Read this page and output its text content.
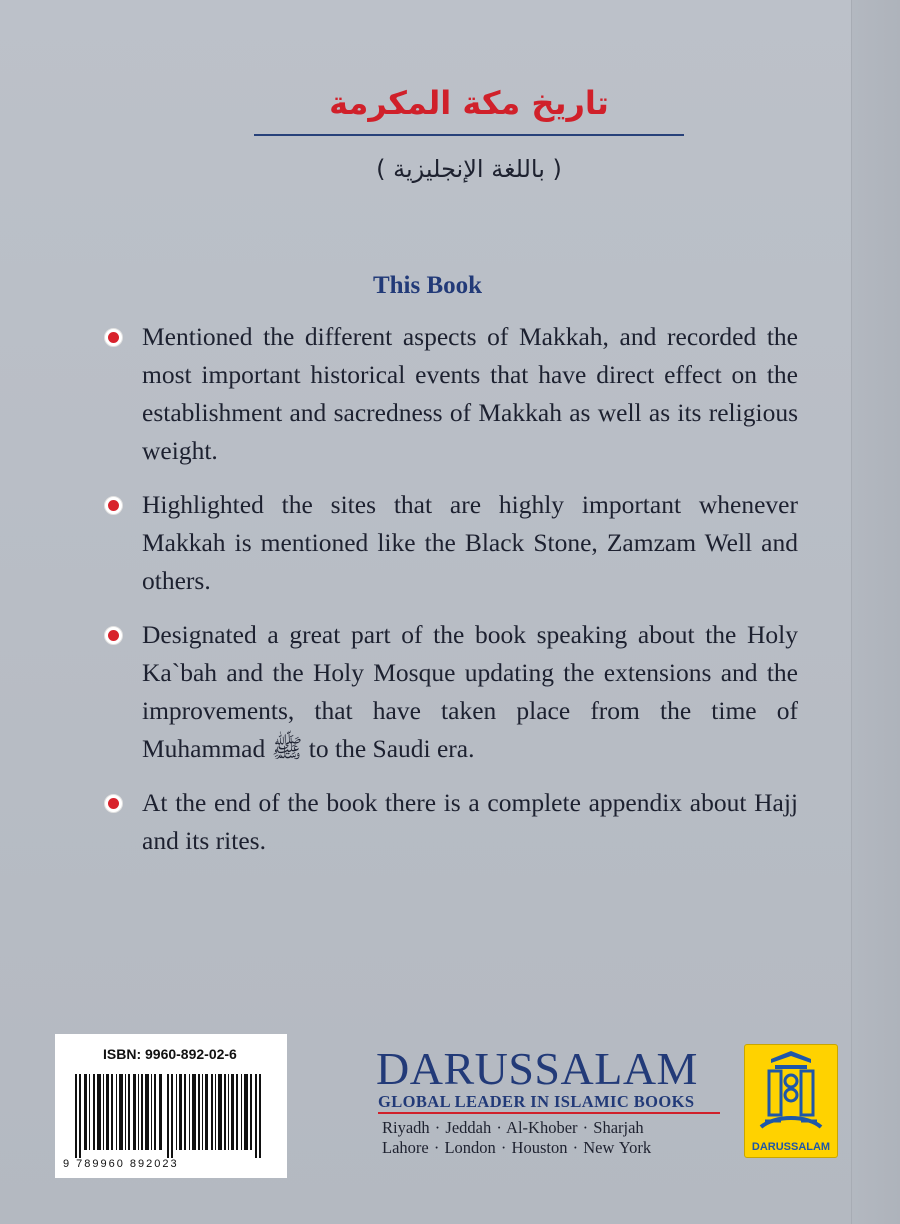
تاريخ مكة المكرمة
( باللغة الإنجليزية )
This Book
Mentioned the different aspects of Makkah, and recorded the most important historical events that have direct effect on the establishment and sacredness of Makkah as well as its religious weight.
Highlighted the sites that are highly important whenever Makkah is mentioned like the Black Stone, Zamzam Well and others.
Designated a great part of the book speaking about the Holy Ka`bah and the Holy Mosque updating the extensions and the improvements, that have taken place from the time of Muhammad ﷺ to the Saudi era.
At the end of the book there is a complete appendix about Hajj and its rites.
ISBN: 9960-892-02-6
9 789960 892023
DARUSSALAM
GLOBAL LEADER IN ISLAMIC BOOKS
Riyadh · Jeddah · Al-Khober · Sharjah
Lahore · London · Houston · New York	DARUSSALAM
